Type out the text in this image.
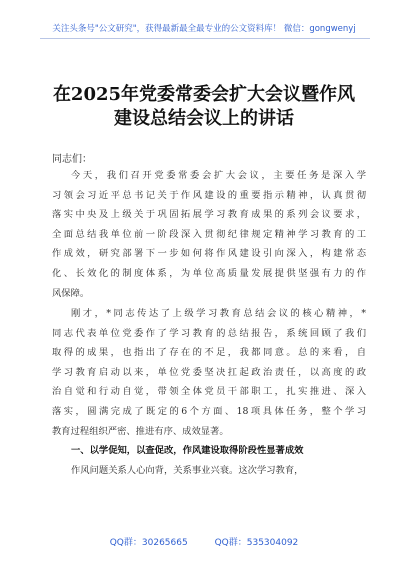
关注头条号"公文研究"，获得最新最全最专业的公文资料库！ 微信：gongwenyj
在2025年党委常委会扩大会议暨作风
建设总结会议上的讲话
同志们：
今天，我们召开党委常委会扩大会议，主要任务是深入学
习领会习近平总书记关于作风建设的重要指示精神，认真贯彻
落实中央及上级关于巩固拓展学习教育成果的系列会议要求，
全面总结我单位前一阶段深入贯彻纪律规定精神学习教育的工
作成效，研究部署下一步如何将作风建设引向深入，构建常态
化、长效化的制度体系，为单位高质量发展提供坚强有力的作
风保障。
刚才，*同志传达了上级学习教育总结会议的核心精神，*
同志代表单位党委作了学习教育的总结报告，系统回顾了我们
取得的成果，也指出了存在的不足，我都同意。总的来看，自
学习教育启动以来，单位党委坚决扛起政治责任，以高度的政
治自觉和行动自觉，带领全体党员干部职工，扎实推进、深入
落实，圆满完成了既定的6个方面、18项具体任务，整个学习
教育过程组织严密、推进有序、成效显著。
一、以学促知，以查促改，作风建设取得阶段性显著成效
作风问题关系人心向背，关系事业兴衰。这次学习教育，
QQ群：30265665	QQ群：535304092
